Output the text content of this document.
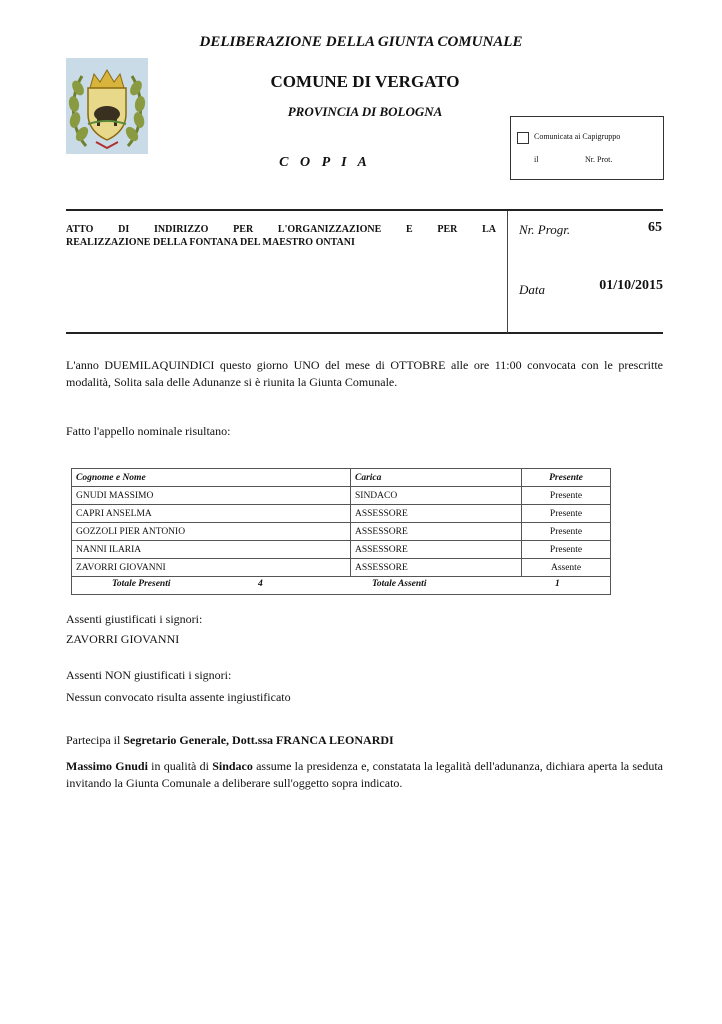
DELIBERAZIONE DELLA GIUNTA COMUNALE
COMUNE DI VERGATO
PROVINCIA DI BOLOGNA
C O P I A
Comunicata ai Capigruppo
il	Nr. Prot.
ATTO DI INDIRIZZO PER L'ORGANIZZAZIONE E PER LA
REALIZZAZIONE DELLA FONTANA DEL MAESTRO ONTANI
Nr. Progr.	65
Data	01/10/2015
L'anno DUEMILAQUINDICI questo giorno UNO del mese di OTTOBRE alle ore 11:00 convocata con le prescritte modalità, Solita sala delle Adunanze si è riunita la Giunta Comunale.
Fatto l'appello nominale risultano:
Cognome e Nome	Carica	Presente
GNUDI MASSIMO	SINDACO	Presente
CAPRI ANSELMA	ASSESSORE	Presente
GOZZOLI PIER ANTONIO	ASSESSORE	Presente
NANNI ILARIA	ASSESSORE	Presente
ZAVORRI GIOVANNI	ASSESSORE	Assente

Totale Presenti 4 Totale Assenti 1		
Assenti giustificati i signori:
ZAVORRI GIOVANNI
Assenti NON giustificati i signori:
Nessun convocato risulta assente ingiustificato
Partecipa il Segretario Generale, Dott.ssa FRANCA LEONARDI
Massimo Gnudi in qualità di Sindaco assume la presidenza e, constatata la legalità dell'adunanza, dichiara aperta la seduta invitando la Giunta Comunale a deliberare sull'oggetto sopra indicato.
